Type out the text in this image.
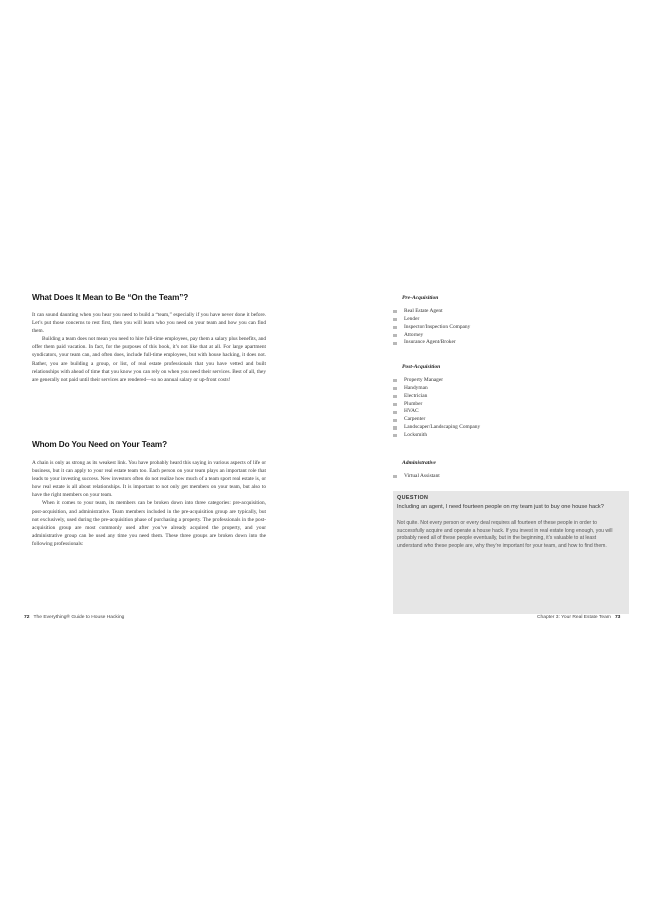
What Does It Mean to Be “On the Team”?

It can sound daunting when you hear you need to build a “team,” especially if you have never done it before. Let’s put those concerns to rest first, then you will learn who you need on your team and how you can find them.

Building a team does not mean you need to hire full-time employees, pay them a salary plus benefits, and offer them paid vacation. In fact, for the purposes of this book, it’s not like that at all. For large apartment syndicators, your team can, and often does, include full-time employees, but with house hacking, it does not. Rather, you are building a group, or list, of real estate professionals that you have vetted and built relationships with ahead of time that you know you can rely on when you need their services. Best of all, they are generally not paid until their services are rendered—so no annual salary or up-front costs!

Whom Do You Need on Your Team?

A chain is only as strong as its weakest link. You have probably heard this saying in various aspects of life or business, but it can apply to your real estate team too. Each person on your team plays an important role that leads to your investing success. New investors often do not realize how much of a team sport real estate is, or how real estate is all about relationships. It is important to not only get members on your team, but also to have the right members on your team.

When it comes to your team, its members can be broken down into three categories: pre-acquisition, post-acquisition, and administrative. Team members included in the pre-acquisition group are typically, but not exclusively, used during the pre-acquisition phase of purchasing a property. The professionals in the post-acquisition group are most commonly used after you’ve already acquired the property, and your administrative group can be used any time you need them. These three groups are broken down into the following professionals:

72 The Everything® Guide to House Hacking
Pre-Acquisition
Real Estate Agent
Lender
Inspector/Inspection Company
Attorney
Insurance Agent/Broker
Post-Acquisition
Property Manager
Handyman
Electrician
Plumber
HVAC
Carpenter
Landscaper/Landscaping Company
Locksmith
Administrative
Virtual Assistant
Chapter 3: Your Real Estate Team 73
QUESTION
Including an agent, I need fourteen people on my team just to buy one house hack?
Not quite. Not every person or every deal requires all fourteen of these people in order to successfully acquire and operate a house hack. If you invest in real estate long enough, you will probably need all of these people eventually, but in the beginning, it’s valuable to at least understand who these people are, why they’re important for your team, and how to find them.
